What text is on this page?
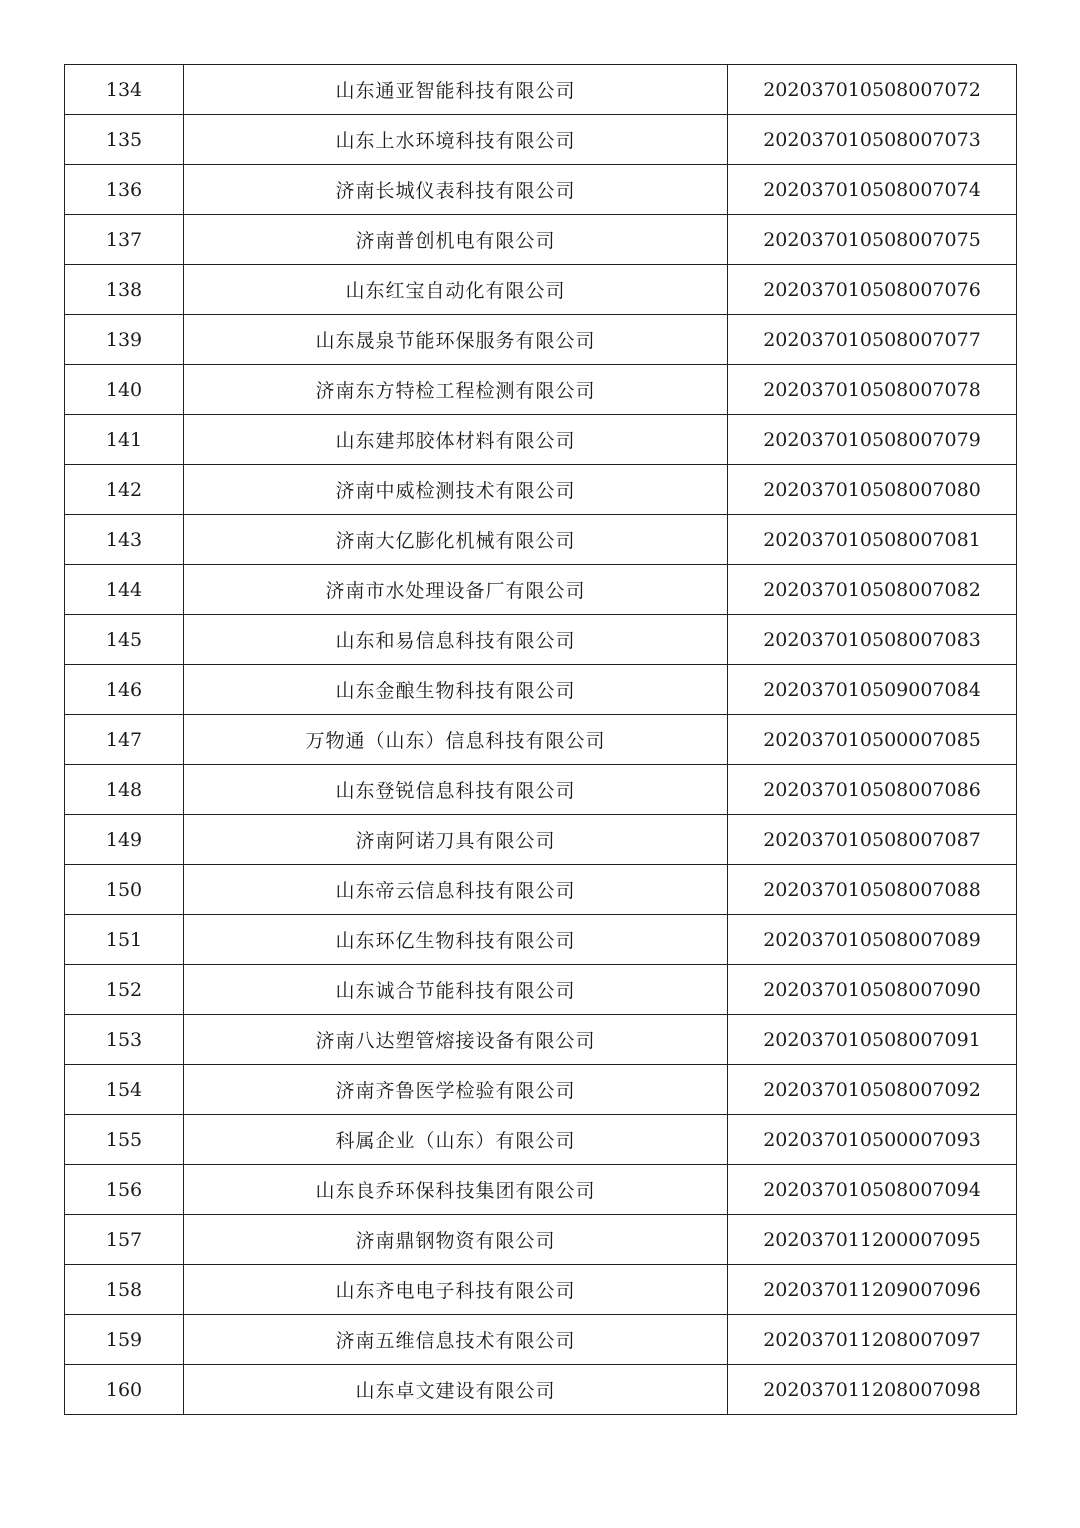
134	山东通亚智能科技有限公司	202037010508007072
135	山东上水环境科技有限公司	202037010508007073
136	济南长城仪表科技有限公司	202037010508007074
137	济南普创机电有限公司	202037010508007075
138	山东红宝自动化有限公司	202037010508007076
139	山东晟泉节能环保服务有限公司	202037010508007077
140	济南东方特检工程检测有限公司	202037010508007078
141	山东建邦胶体材料有限公司	202037010508007079
142	济南中威检测技术有限公司	202037010508007080
143	济南大亿膨化机械有限公司	202037010508007081
144	济南市水处理设备厂有限公司	202037010508007082
145	山东和易信息科技有限公司	202037010508007083
146	山东金酿生物科技有限公司	202037010509007084
147	万物通（山东）信息科技有限公司	202037010500007085
148	山东登锐信息科技有限公司	202037010508007086
149	济南阿诺刀具有限公司	202037010508007087
150	山东帝云信息科技有限公司	202037010508007088
151	山东环亿生物科技有限公司	202037010508007089
152	山东诚合节能科技有限公司	202037010508007090
153	济南八达塑管熔接设备有限公司	202037010508007091
154	济南齐鲁医学检验有限公司	202037010508007092
155	科属企业（山东）有限公司	202037010500007093
156	山东良乔环保科技集团有限公司	202037010508007094
157	济南鼎钢物资有限公司	202037011200007095
158	山东齐电电子科技有限公司	202037011209007096
159	济南五维信息技术有限公司	202037011208007097
160	山东卓文建设有限公司	202037011208007098
